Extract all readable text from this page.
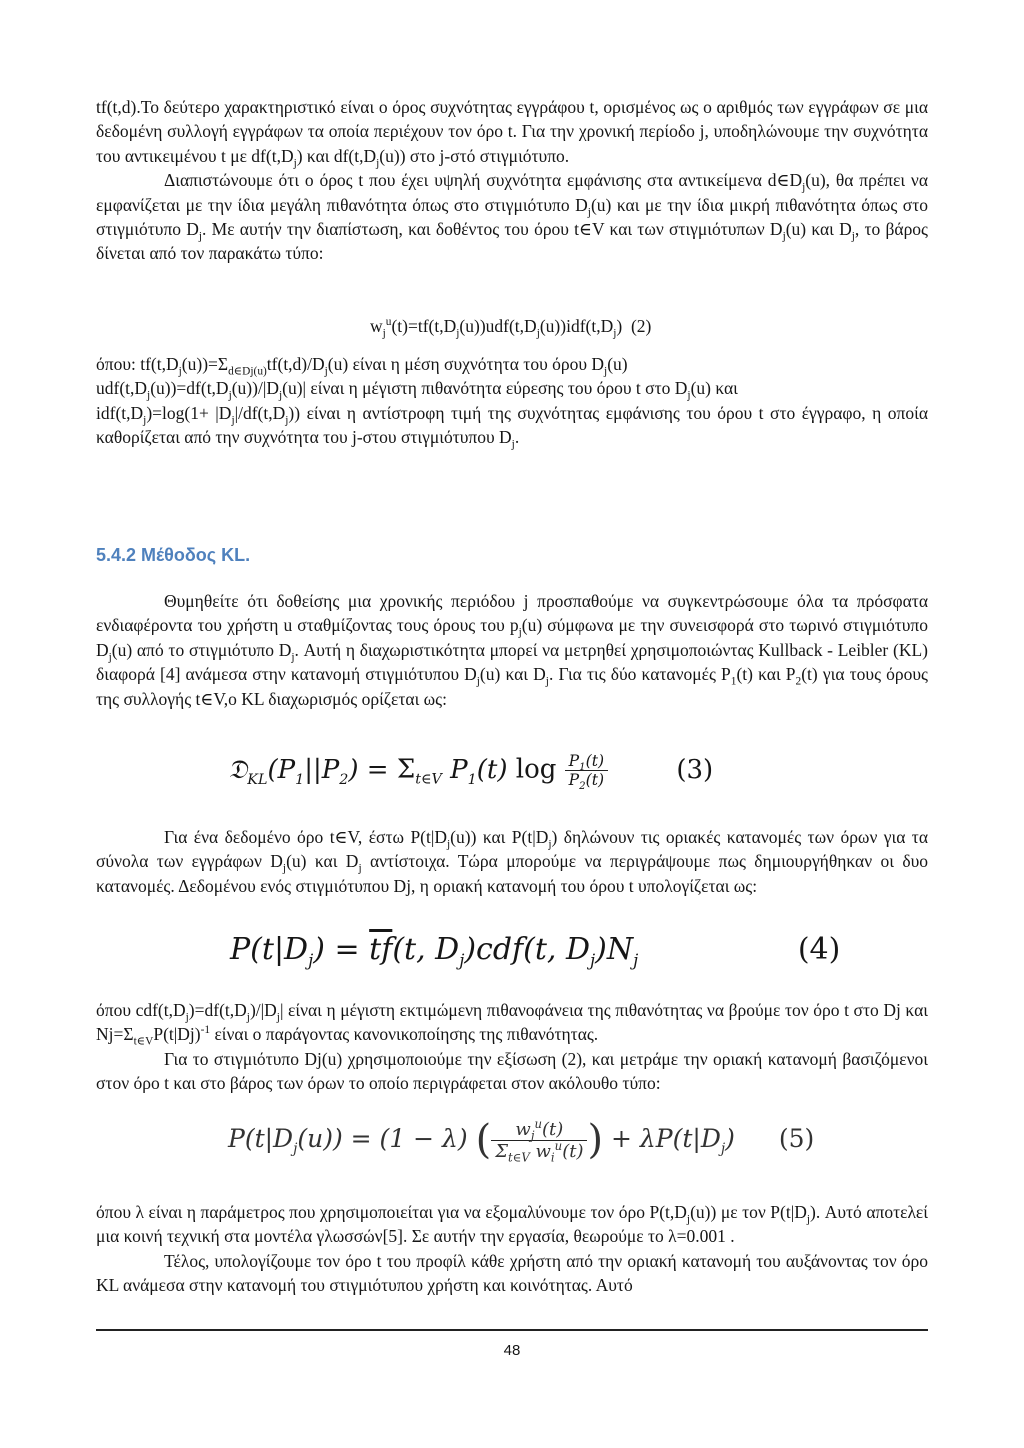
tf(t,d).Το δεύτερο χαρακτηριστικό είναι ο όρος συχνότητας εγγράφου t, ορισμένος ως ο αριθμός των εγγράφων σε μια δεδομένη συλλογή εγγράφων τα οποία περιέχουν τον όρο t. Για την χρονική περίοδο j, υποδηλώνουμε την συχνότητα του αντικειμένου t με $df(t,D_j)$ και $df(t,D_j(u))$ στο j-στό στιγμιότυπο.

Διαπιστώνουμε ότι ο όρος t που έχει υψηλή συχνότητα εμφάνισης στα αντικείμενα $d\in D_j(u)$, θα πρέπει να εμφανίζεται με την ίδια μεγάλη πιθανότητα όπως στο στιγμιότυπο $D_j(u)$ και με την ίδια μικρή πιθανότητα όπως στο στιγμιότυπο $D_j$. Με αυτήν την διαπίστωση, και δοθέντος του όρου t∈V και των στιγμιότυπων $D_j(u)$ και $D_j$, το βάρος δίνεται από τον παρακάτω τύπο:

$w_j^u(t)=tf(t,D_j(u))udf(t,D_j(u))idf(t,D_j)$  (2)

όπου: $tf(t,D_j(u))=\Sigma_{d\in Dj(u)}tf(t,d)/D_j(u)$ είναι η μέση συχνότητα του όρου $D_j(u)$

$udf(t,D_j(u))=df(t,D_j(u))/|D_j(u)|$ είναι η μέγιστη πιθανότητα εύρεσης του όρου t στο $D_j(u)$ και

$idf(t,D_j)=\log(1+ |D_j|/df(t,D_j))$ είναι η αντίστροφη τιμή της συχνότητας εμφάνισης του όρου t στο έγγραφο, η οποία καθορίζεται από την συχνότητα του j-στου στιγμιότυπου $D_j$.

5.4.2 Μέθοδος KL.

Θυμηθείτε ότι δοθείσης μια χρονικής περιόδου j προσπαθούμε να συγκεντρώσουμε όλα τα πρόσφατα ενδιαφέροντα του χρήστη u σταθμίζοντας τους όρους του $p_j(u)$ σύμφωνα με την συνεισφορά στο τωρινό στιγμιότυπο $D_j(u)$ από το στιγμιότυπο $D_j$. Αυτή η διαχωριστικότητα μπορεί να μετρηθεί χρησιμοποιώντας Kullback - Leibler (KL) διαφορά [4] ανάμεσα στην κατανομή στιγμιότυπου $D_j(u)$ και $D_j$. Για τις δύο κατανομές $P_1(t)$ και $P_2(t)$ για τους όρους της συλλογής t∈V,ο KL διαχωρισμός ορίζεται ως:

$𝔇_{KL}(P_1||P_2) = \Sigma_{t\in V}$ $P_1(t)$ $\log \frac{P_1(t)}{P_2(t)}$	(3)

Για ένα δεδομένο όρο t∈V, έστω $P(t|D_j(u))$ και $P(t|D_j)$ δηλώνουν τις οριακές κατανομές των όρων για τα σύνολα των εγγράφων $D_j(u)$ και $D_j$ αντίστοιχα. Τώρα μπορούμε να περιγράψουμε πως δημιουργήθηκαν οι δυο κατανομές. Δεδομένου ενός στιγμιότυπου Dj, η οριακή κατανομή του όρου t υπολογίζεται ως:

$P(t|D_j) = \overline{tf}(t$, $D_j)cdf(t$, $D_j)N_j$	(4)

όπου $cdf(t,D_j)=df(t,D_j)/|D_j|$ είναι η μέγιστη εκτιμώμενη πιθανοφάνεια της πιθανότητας να βρούμε τον όρο t στο Dj και $Nj=\Sigma_{t\in V}P(t|Dj)^{-1}$ είναι ο παράγοντας κανονικοποίησης της πιθανότητας.

Για το στιγμιότυπο Dj(u) χρησιμοποιούμε την εξίσωση (2), και μετράμε την οριακή κατανομή βασιζόμενοι στον όρο t και στο βάρος των όρων το οποίο περιγράφεται στον ακόλουθο τύπο:

$P(t|D_j(u)) = (1 - \lambda)$ ( $\frac{w_j^u(t)}{\Sigma_{t\in V} w_i^u(t)}$ ) + $\lambda P(t|D_j)$ (5)

όπου λ είναι η παράμετρος που χρησιμοποιείται για να εξομαλύνουμε τον όρο $P(t,D_j(u))$ με τον $P(t|D_j)$. Αυτό αποτελεί μια κοινή τεχνική στα μοντέλα γλωσσών[5]. Σε αυτήν την εργασία, θεωρούμε το λ=0.001 .

Τέλος, υπολογίζουμε τον όρο t του προφίλ κάθε χρήστη από την οριακή κατανομή του αυξάνοντας τον όρο KL ανάμεσα στην κατανομή του στιγμιότυπου χρήστη και κοινότητας. Αυτό

48
